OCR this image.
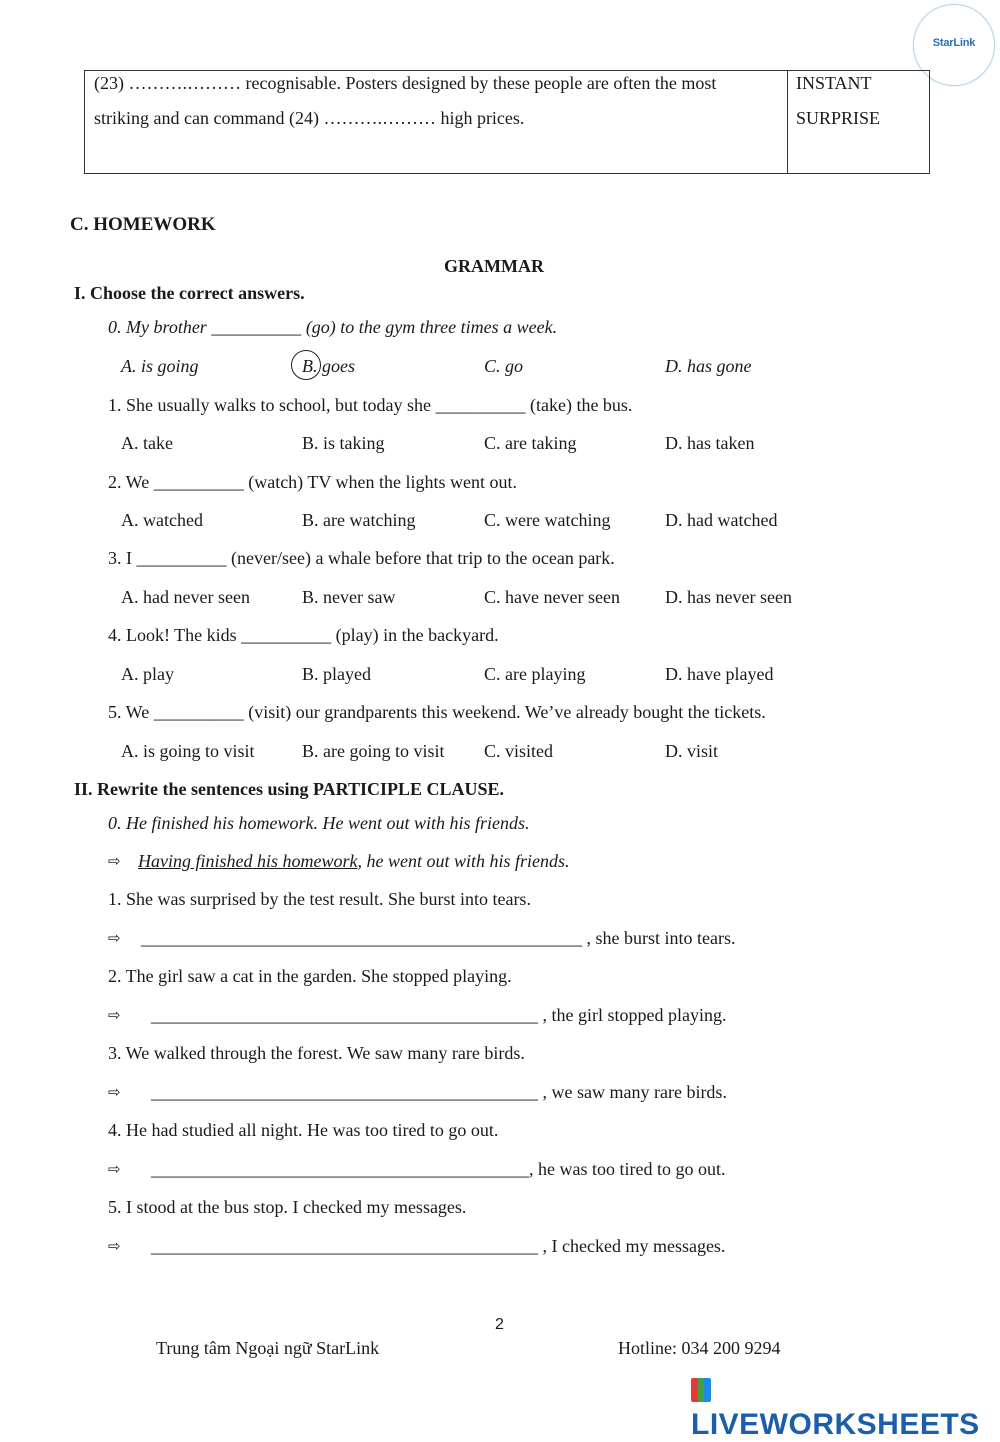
StarLink
(23) ……….……… recognisable. Posters designed by these people are often the most
striking and can command (24) ……….……… high prices.
INSTANT
SURPRISE
C. HOMEWORK
GRAMMAR
I. Choose the correct answers.
0. My brother __________ (go) to the gym three times a week.
A. is going	B. goes	C. go	D. has gone
1. She usually walks to school, but today she __________ (take) the bus.
A. take	B. is taking	C. are taking	D. has taken
2. We __________ (watch) TV when the lights went out.
A. watched	B. are watching	C. were watching	D. had watched
3. I __________ (never/see) a whale before that trip to the ocean park.
A. had never seen	B. never saw	C. have never seen	D. has never seen
4. Look! The kids __________ (play) in the backyard.
A. play	B. played	C. are playing	D. have played
5. We __________ (visit) our grandparents this weekend. We’ve already bought the tickets.
A. is going to visit	B. are going to visit C. visited	D. visit
II. Rewrite the sentences using PARTICIPLE CLAUSE.
0. He finished his homework. He went out with his friends.
⇨ Having finished his homework, he went out with his friends.
1. She was surprised by the test result. She burst into tears.
⇨ _________________________________________________ , she burst into tears.
2. The girl saw a cat in the garden. She stopped playing.
⇨ ___________________________________________ , the girl stopped playing.
3. We walked through the forest. We saw many rare birds.
⇨ ___________________________________________ , we saw many rare birds.
4. He had studied all night. He was too tired to go out.
⇨ __________________________________________, he was too tired to go out.
5. I stood at the bus stop. I checked my messages.
⇨ ___________________________________________ , I checked my messages.
2
Trung tâm Ngoại ngữ StarLink	Hotline: 034 200 9294
LIVEWORKSHEETS
